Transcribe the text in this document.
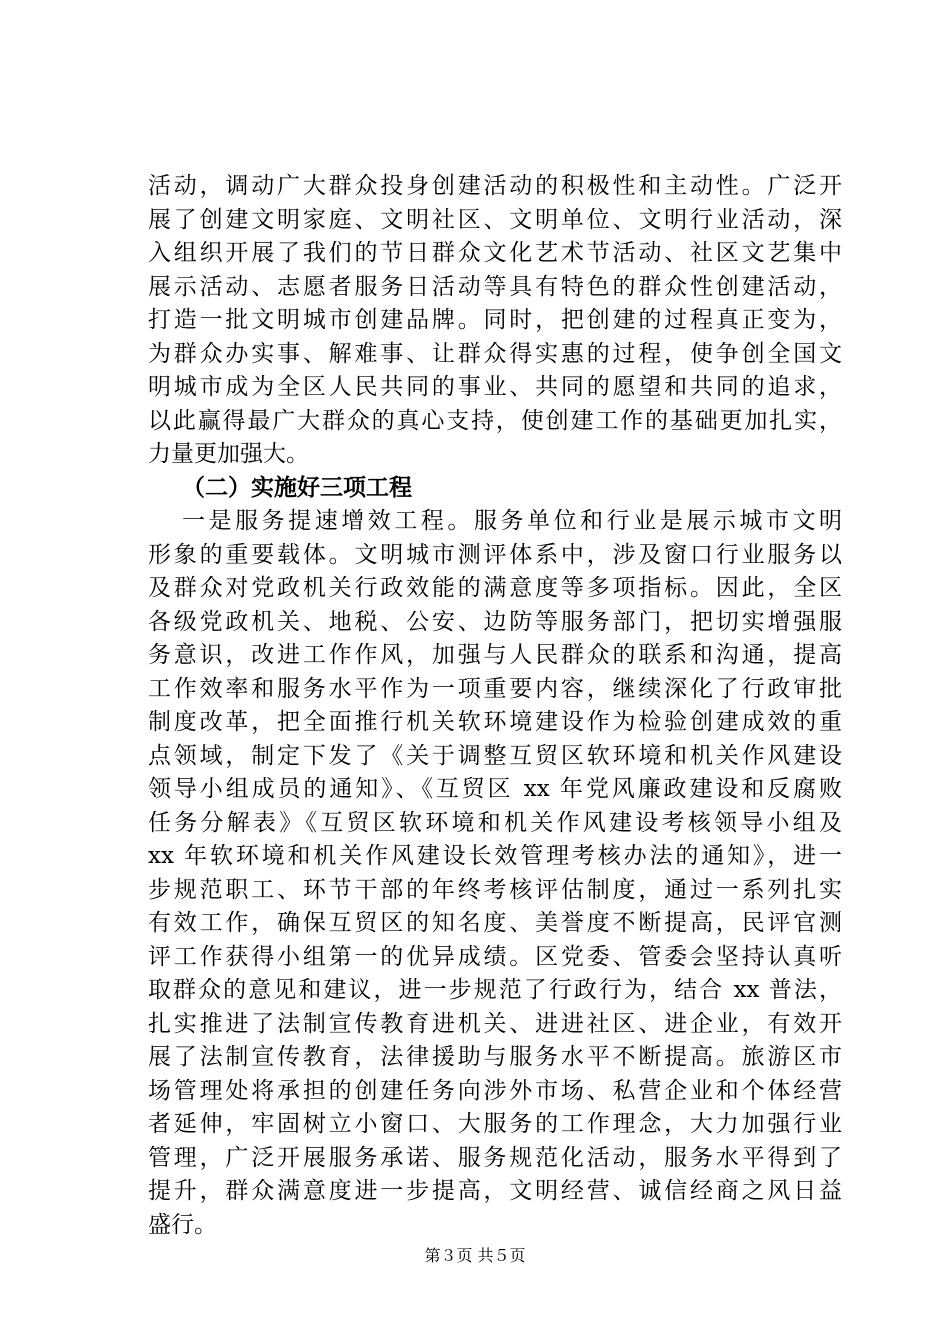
活动，调动广大群众投身创建活动的积极性和主动性。广泛开
展了创建文明家庭、文明社区、文明单位、文明行业活动，深
入组织开展了我们的节日群众文化艺术节活动、社区文艺集中
展示活动、志愿者服务日活动等具有特色的群众性创建活动，
打造一批文明城市创建品牌。同时，把创建的过程真正变为，
为群众办实事、解难事、让群众得实惠的过程，使争创全国文
明城市成为全区人民共同的事业、共同的愿望和共同的追求，
以此赢得最广大群众的真心支持，使创建工作的基础更加扎实，
力量更加强大。
（二）实施好三项工程
一是服务提速增效工程。服务单位和行业是展示城市文明
形象的重要载体。文明城市测评体系中，涉及窗口行业服务以
及群众对党政机关行政效能的满意度等多项指标。因此，全区
各级党政机关、地税、公安、边防等服务部门，把切实增强服
务意识，改进工作作风，加强与人民群众的联系和沟通，提高
工作效率和服务水平作为一项重要内容，继续深化了行政审批
制度改革，把全面推行机关软环境建设作为检验创建成效的重
点领域，制定下发了《关于调整互贸区软环境和机关作风建设
领导小组成员的通知》、《互贸区 xx 年党风廉政建设和反腐败
任务分解表》《互贸区软环境和机关作风建设考核领导小组及
xx 年软环境和机关作风建设长效管理考核办法的通知》，进一
步规范职工、环节干部的年终考核评估制度，通过一系列扎实
有效工作，确保互贸区的知名度、美誉度不断提高，民评官测
评工作获得小组第一的优异成绩。区党委、管委会坚持认真听
取群众的意见和建议，进一步规范了行政行为，结合 xx 普法，
扎实推进了法制宣传教育进机关、进进社区、进企业，有效开
展了法制宣传教育，法律援助与服务水平不断提高。旅游区市
场管理处将承担的创建任务向涉外市场、私营企业和个体经营
者延伸，牢固树立小窗口、大服务的工作理念，大力加强行业
管理，广泛开展服务承诺、服务规范化活动，服务水平得到了
提升，群众满意度进一步提高，文明经营、诚信经商之风日益
盛行。
第３页 共５页
